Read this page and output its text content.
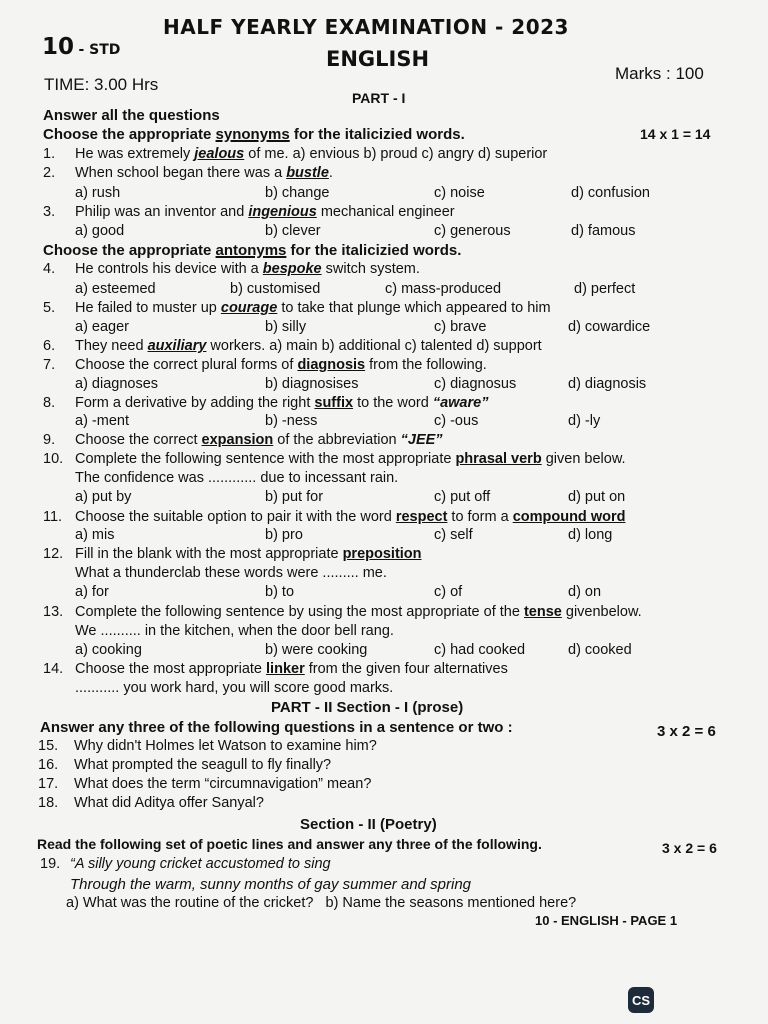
HALF YEARLY EXAMINATION - 2023
10 - STD	ENGLISH
TIME: 3.00 Hrs
Marks : 100
PART - I
Answer all the questions
Choose the appropriate synonyms for the italicizied words.	14 x 1 = 14
1. He was extremely jealous of me. a) envious b) proud c) angry d) superior
2. When school began there was a bustle.
a) rush	b) change	c) noise	d) confusion
3. Philip was an inventor and ingenious mechanical engineer
a) good	b) clever	c) generous	d) famous
Choose the appropriate antonyms for the italicizied words.
4. He controls his device with a bespoke switch system.
a) esteemed	b) customised	c) mass-produced	d) perfect
5. He failed to muster up courage to take that plunge which appeared to him
a) eager	b) silly	c) brave	d) cowardice
6. They need auxiliary workers. a) main b) additional c) talented d) support
7. Choose the correct plural forms of diagnosis from the following.
a) diagnoses	b) diagnosises	c) diagnosus	d) diagnosis
8. Form a derivative by adding the right suffix to the word “aware”
a) -ment	b) -ness	c) -ous	d) -ly
9. Choose the correct expansion of the abbreviation “JEE”
10. Complete the following sentence with the most appropriate phrasal verb given below.
The confidence was ............ due to incessant rain.
a) put by	b) put for	c) put off	d) put on
11. Choose the suitable option to pair it with the word respect to form a compound word
a) mis	b) pro	c) self	d) long
12. Fill in the blank with the most appropriate preposition
What a thunderclab these words were ......... me.
a) for	b) to	c) of	d) on
13. Complete the following sentence by using the most appropriate of the tense givenbelow.
We .......... in the kitchen, when the door bell rang.
a) cooking	b) were cooking	c) had cooked	d) cooked
14. Choose the most appropriate linker from the given four alternatives
........... you work hard, you will score good marks.
PART - II Section - I (prose)
Answer any three of the following questions in a sentence or two :	3 x 2 = 6
15. Why didn't Holmes let Watson to examine him?
16. What prompted the seagull to fly finally?
17. What does the term “circumnavigation” mean?
18. What did Aditya offer Sanyal?
Section - II (Poetry)
Read the following set of poetic lines and answer any three of the following.	3 x 2 = 6
19. “A silly young cricket accustomed to sing
Through the warm, sunny months of gay summer and spring
a) What was the routine of the cricket? b) Name the seasons mentioned here?
10 - ENGLISH - PAGE 1
CS
